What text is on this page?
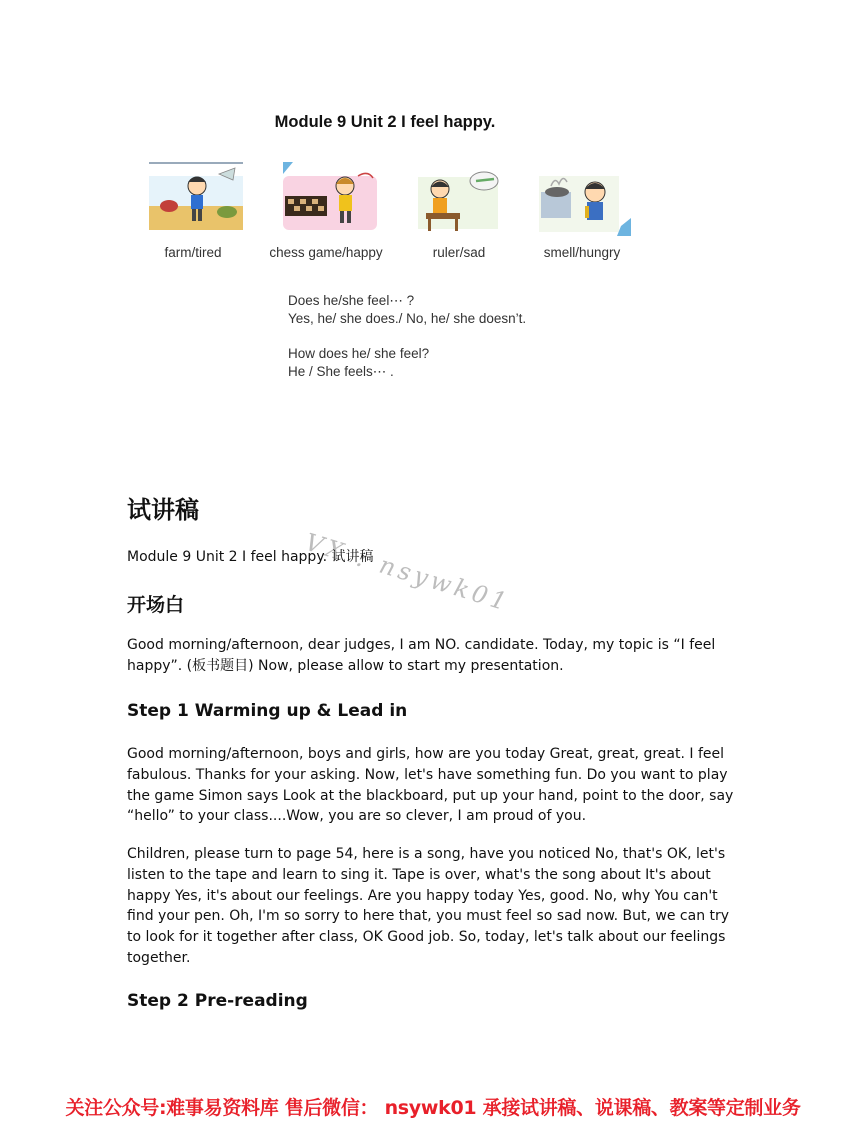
Module 9 Unit 2 I feel happy.
farm/tired	chess game/happy	ruler/sad	smell/hungry
Does he/she feel⋯ ?
Yes, he/ she does./ No, he/ she doesn’t.
How does he/ she feel?
He / She feels⋯ .
试讲稿
VX : nsywk01
Module 9 Unit 2 I feel happy. 试讲稿
开场白
Good morning/afternoon, dear judges, I am NO. candidate. Today, my topic is “I feel happy”. (板书题目) Now, please allow to start my presentation.
Step 1 Warming up & Lead in
Good morning/afternoon, boys and girls, how are you today Great, great, great. I feel fabulous. Thanks for your asking. Now, let's have something fun. Do you want to play the game Simon says Look at the blackboard, put up your hand, point to the door, say “hello” to your class....Wow, you are so clever, I am proud of you.
Children, please turn to page 54, here is a song, have you noticed No, that's OK, let's listen to the tape and learn to sing it. Tape is over, what's the song about It's about happy Yes, it's about our feelings. Are you happy today Yes, good. No, why You can't find your pen. Oh, I'm so sorry to here that, you must feel so sad now. But, we can try to look for it together after class, OK Good job. So, today, let's talk about our feelings together.
Step 2 Pre-reading
关注公众号:难事易资料库 售后微信： nsywk01 承接试讲稿、说课稿、教案等定制业务
